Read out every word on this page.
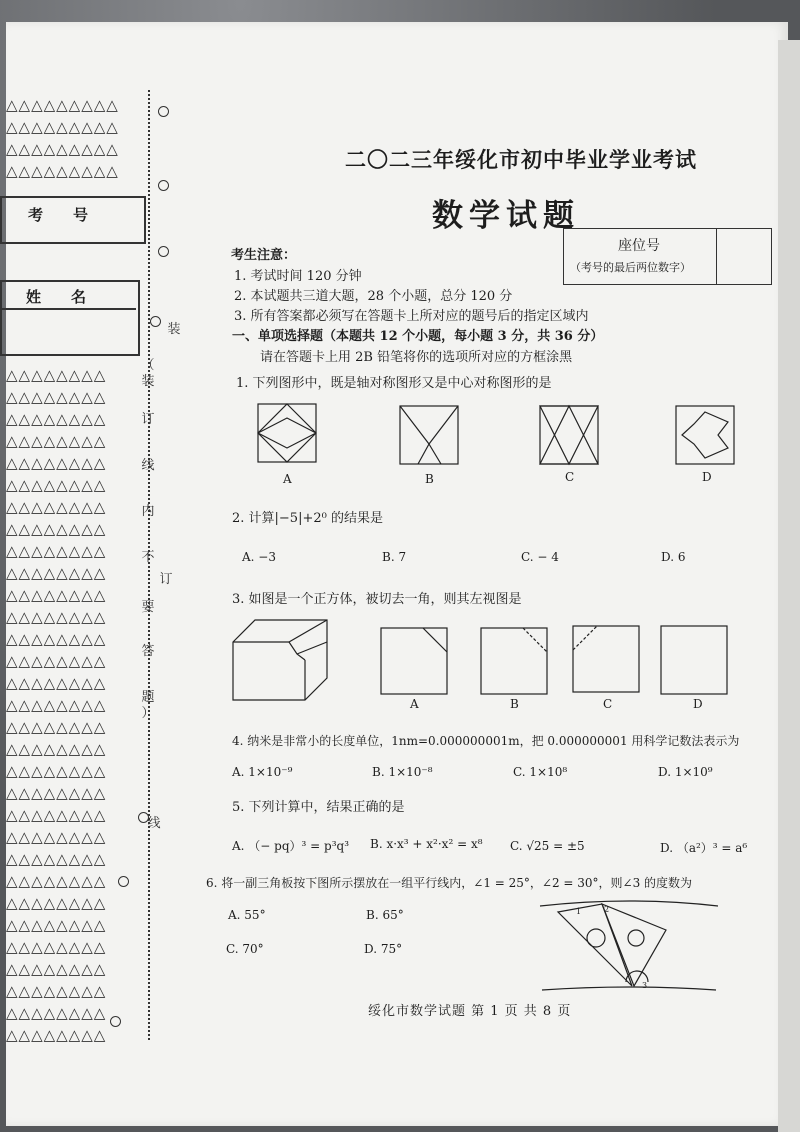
△△△△△△△△△
△△△△△△△△△
△△△△△△△△△
△△△△△△△△△
考　　号
姓　　名
△△△△△△△△
△△△△△△△△
△△△△△△△△
△△△△△△△△
△△△△△△△△
△△△△△△△△
△△△△△△△△
△△△△△△△△
△△△△△△△△
△△△△△△△△
△△△△△△△△
△△△△△△△△
△△△△△△△△
△△△△△△△△
△△△△△△△△
△△△△△△△△
△△△△△△△△
△△△△△△△△
△△△△△△△△
△△△△△△△△
△△△△△△△△
△△△△△△△△
△△△△△△△△
△△△△△△△△
△△△△△△△△
△△△△△△△△
△△△△△△△△
△△△△△△△△
△△△△△△△△
△△△△△△△△
△△△△△△△△
装
（
装
订
线
内
不
订
要
答
题
）
线
二〇二三年绥化市初中毕业学业考试
数学试题
座位号
（考号的最后两位数字）
考生注意：
1. 考试时间 120 分钟
2. 本试题共三道大题，28 个小题，总分 120 分
3. 所有答案都必须写在答题卡上所对应的题号后的指定区域内
一、单项选择题（本题共 12 个小题，每小题 3 分，共 36 分）
请在答题卡上用 2B 铅笔将你的选项所对应的方框涂黑
1. 下列图形中，既是轴对称图形又是中心对称图形的是
A	B	C	D
2. 计算|−5|+2⁰ 的结果是
A. −3	B. 7	C. − 4	D. 6
3. 如图是一个正方体，被切去一角，则其左视图是
A	B	C	D
4. 纳米是非常小的长度单位，1nm=0.000000001m，把 0.000000001 用科学记数法表示为
A. 1×10⁻⁹	B. 1×10⁻⁸	C. 1×10⁸	D. 1×10⁹
5. 下列计算中，结果正确的是
A. （− pq）³ = p³q³ B. x·x³ + x²·x² = x⁸ C. √25 = ±5	D. （a²）³ = a⁶
6. 将一副三角板按下图所示摆放在一组平行线内，∠1 = 25°，∠2 = 30°，则∠3 的度数为
A. 55°	B. 65°
C. 70°	D. 75°
1	2
3
绥化市数学试题 第 1 页 共 8 页
